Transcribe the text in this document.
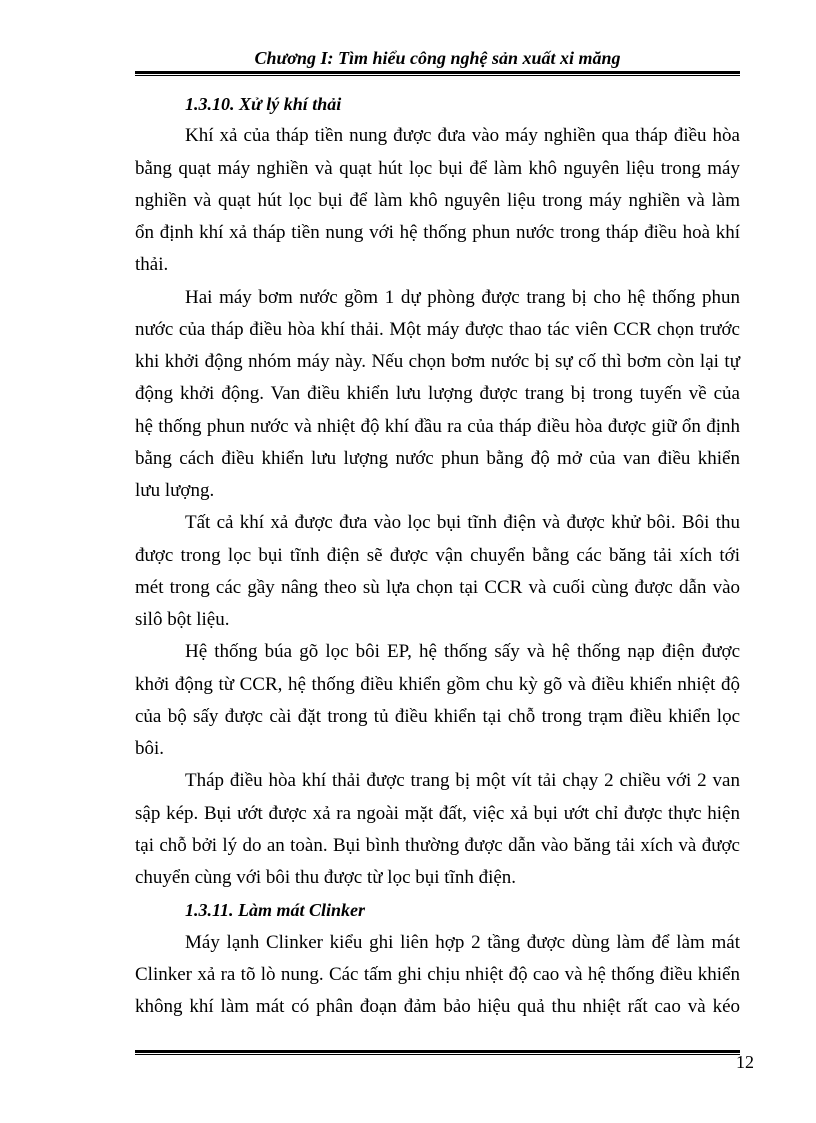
Chương I: Tìm hiểu công nghệ sản xuất xi măng
1.3.10. Xử lý khí thải
Khí xả của tháp tiền nung được đưa vào máy nghiền qua tháp điều hòa
bằng quạt máy nghiền và quạt hút lọc bụi để làm khô nguyên liệu trong máy
nghiền và quạt hút lọc bụi để làm khô nguyên liệu trong máy nghiền và làm
ổn định khí xả tháp tiền nung với hệ thống phun nước trong tháp điều hoà khí
thải.
Hai máy bơm nước gồm 1 dự phòng được trang bị cho hệ thống phun
nước của tháp điều hòa khí thải. Một máy được thao tác viên CCR chọn trước
khi khởi động nhóm máy này. Nếu chọn bơm nước bị sự cố thì bơm còn lại tự
động khởi động. Van điều khiển lưu lượng được trang bị trong tuyến về của
hệ thống phun nước và nhiệt độ khí đầu ra của tháp điều hòa được giữ ổn định
bằng cách điều khiển lưu lượng nước phun bằng độ mở của van điều khiển
lưu lượng.
Tất cả khí xả được đưa vào lọc bụi tĩnh điện và được khử bôi. Bôi thu
được trong lọc bụi tĩnh điện sẽ được vận chuyển bằng các băng tải xích tới
mét trong các gầy nâng theo sù lựa chọn tại CCR và cuối cùng được dẫn vào
silô bột liệu.
Hệ thống búa gõ lọc bôi EP, hệ thống sấy và hệ thống nạp điện được
khởi động từ CCR, hệ thống điều khiển gồm chu kỳ gõ và điều khiển nhiệt độ
của bộ sấy được cài đặt trong tủ điều khiển tại chỗ trong trạm điều khiển lọc
bôi.
Tháp điều hòa khí thải được trang bị một vít tải chạy 2 chiều với 2 van
sập kép. Bụi ướt được xả ra ngoài mặt đất, việc xả bụi ướt chỉ được thực hiện
tại chỗ bởi lý do an toàn. Bụi bình thường được dẫn vào băng tải xích và được
chuyển cùng với bôi thu được từ lọc bụi tĩnh điện.
1.3.11. Làm mát Clinker
Máy lạnh Clinker kiểu ghi liên hợp 2 tầng được dùng làm để làm mát
Clinker xả ra tõ lò nung. Các tấm ghi chịu nhiệt độ cao và hệ thống điều khiển
không khí làm mát có phân đoạn đảm bảo hiệu quả thu nhiệt rất cao và kéo
12
